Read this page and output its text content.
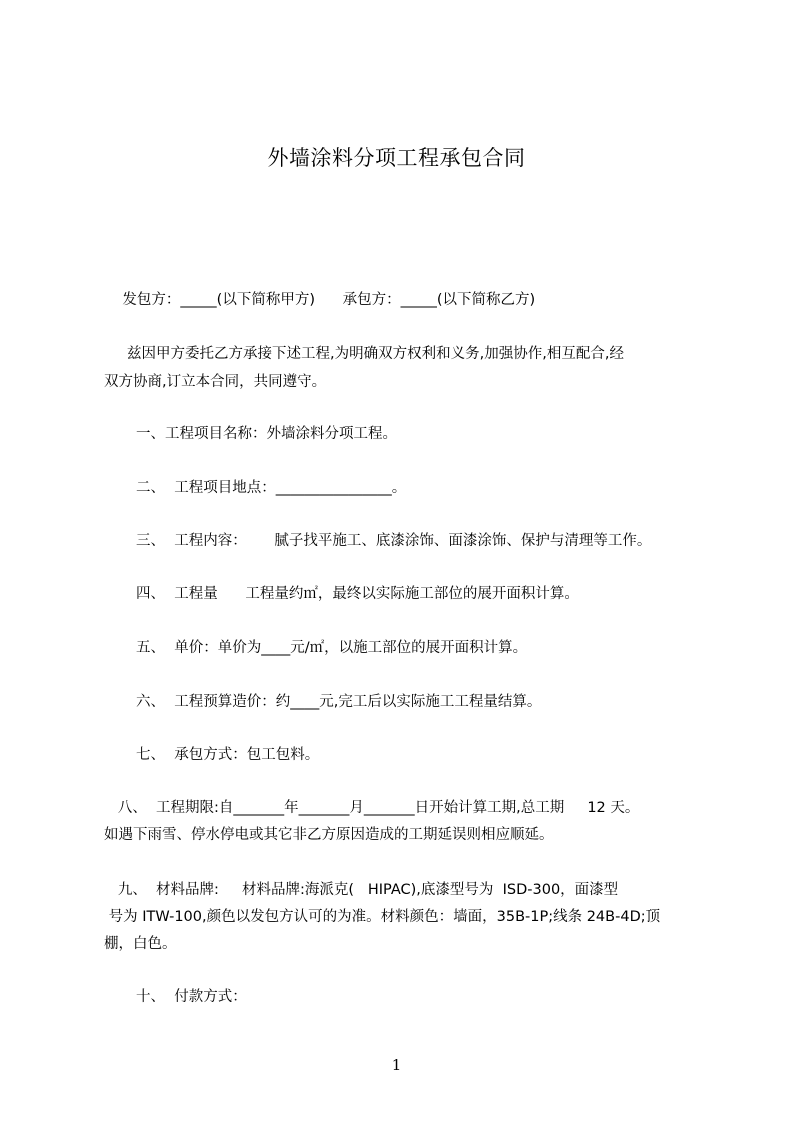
外墙涂料分项工程承包合同
发包方：_____(以下简称甲方)      承包方：_____(以下简称乙方)
兹因甲方委托乙方承接下述工程,为明确双方权利和义务,加强协作,相互配合,经
双方协商,订立本合同，共同遵守。
一、工程项目名称：外墙涂料分项工程。
二、  工程项目地点：________________。
三、  工程内容：      腻子找平施工、底漆涂饰、面漆涂饰、保护与清理等工作。
四、  工程量      工程量约㎡，最终以实际施工部位的展开面积计算。
五、  单价：单价为____元/㎡，以施工部位的展开面积计算。
六、  工程预算造价：约____元,完工后以实际施工工程量结算。
七、  承包方式：包工包料。
八、  工程期限:自_______年_______月_______日开始计算工期,总工期     12 天。
如遇下雨雪、停水停电或其它非乙方原因造成的工期延误则相应顺延。
九、  材料品牌:     材料品牌:海派克(   HIPAC),底漆型号为  ISD-300，面漆型
号为 ITW-100,颜色以发包方认可的为准。材料颜色：墙面，35B-1P;线条 24B-4D;顶
棚，白色。
十、  付款方式：
1
